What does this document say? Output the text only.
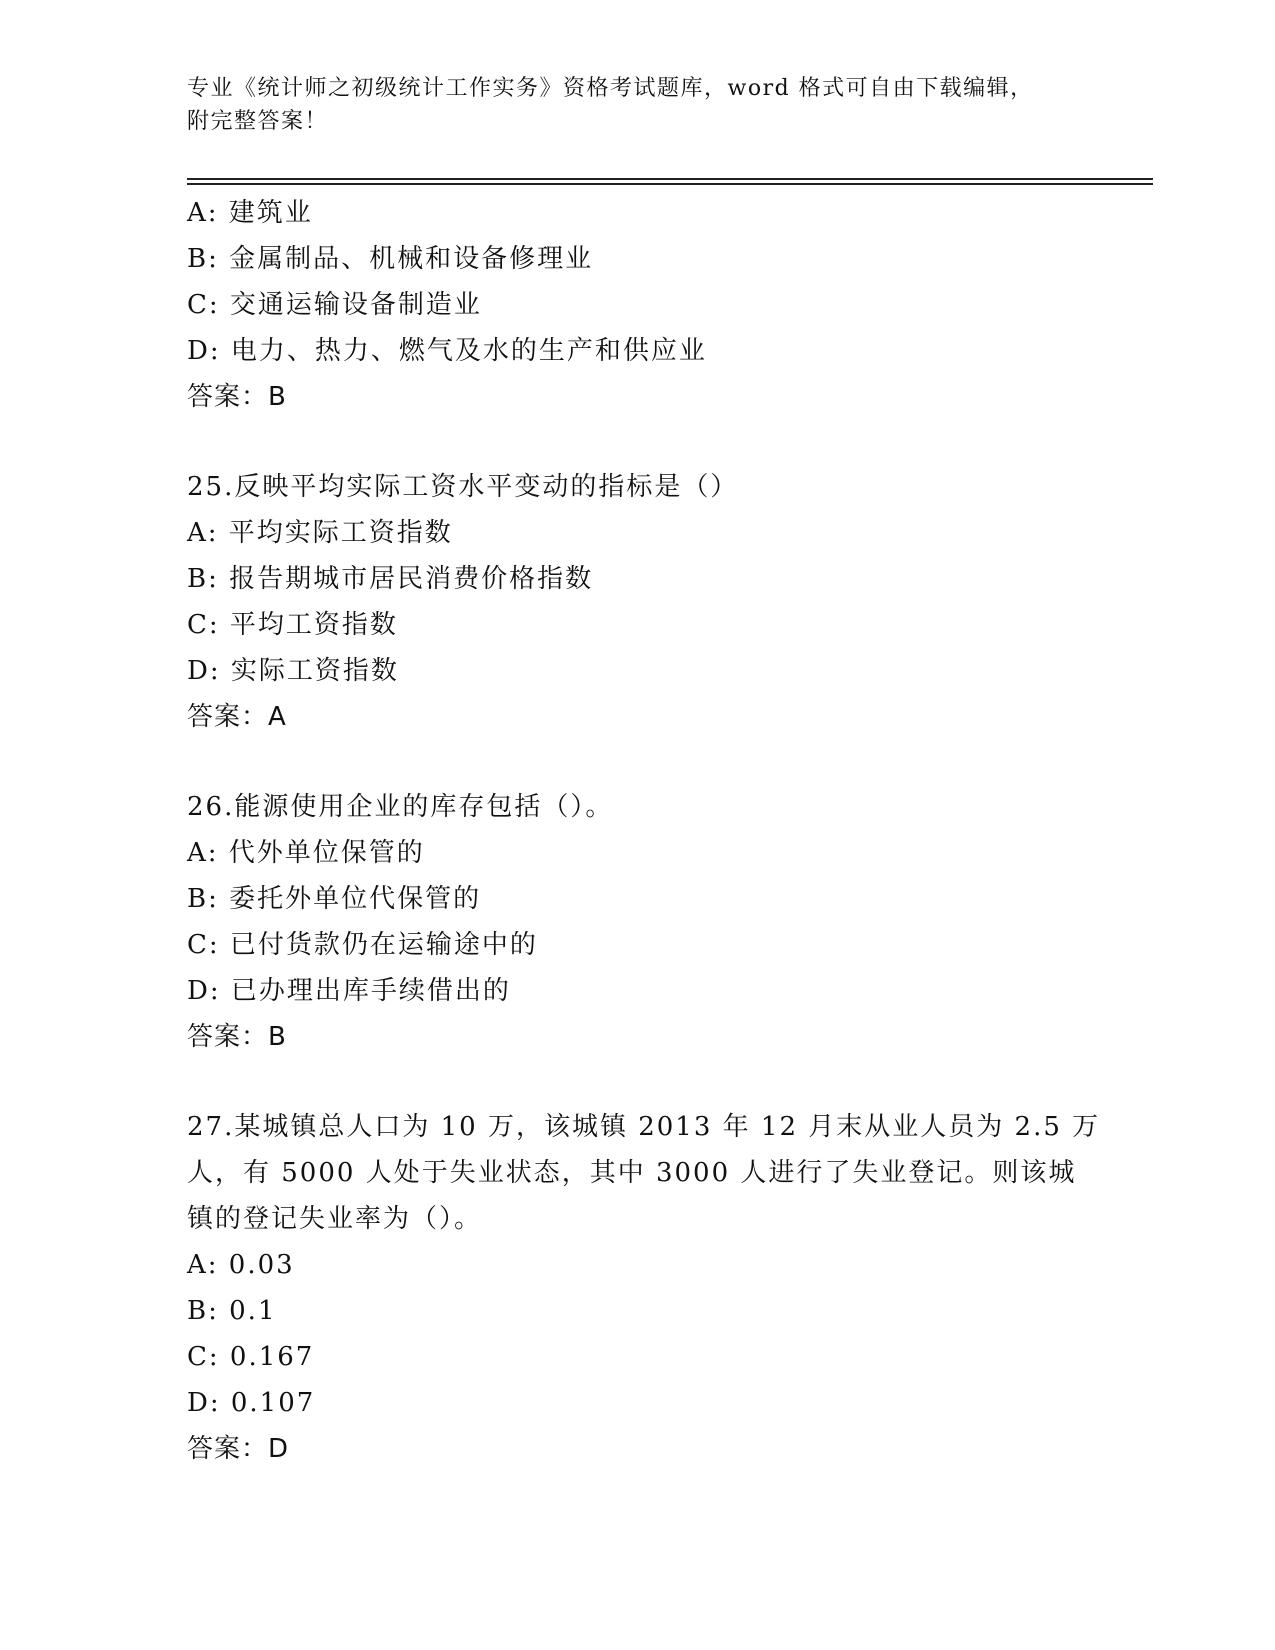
专业《统计师之初级统计工作实务》资格考试题库，word 格式可自由下载编辑，
附完整答案！
A: 建筑业
B: 金属制品、机械和设备修理业
C: 交通运输设备制造业
D: 电力、热力、燃气及水的生产和供应业
答案：B
25.反映平均实际工资水平变动的指标是（）
A: 平均实际工资指数
B: 报告期城市居民消费价格指数
C: 平均工资指数
D: 实际工资指数
答案：A
26.能源使用企业的库存包括（）。
A: 代外单位保管的
B: 委托外单位代保管的
C: 已付货款仍在运输途中的
D: 已办理出库手续借出的
答案：B
27.某城镇总人口为 10 万，该城镇 2013 年 12 月末从业人员为 2.5 万
人，有 5000 人处于失业状态，其中 3000 人进行了失业登记。则该城
镇的登记失业率为（）。
A: 0.03
B: 0.1
C: 0.167
D: 0.107
答案：D
